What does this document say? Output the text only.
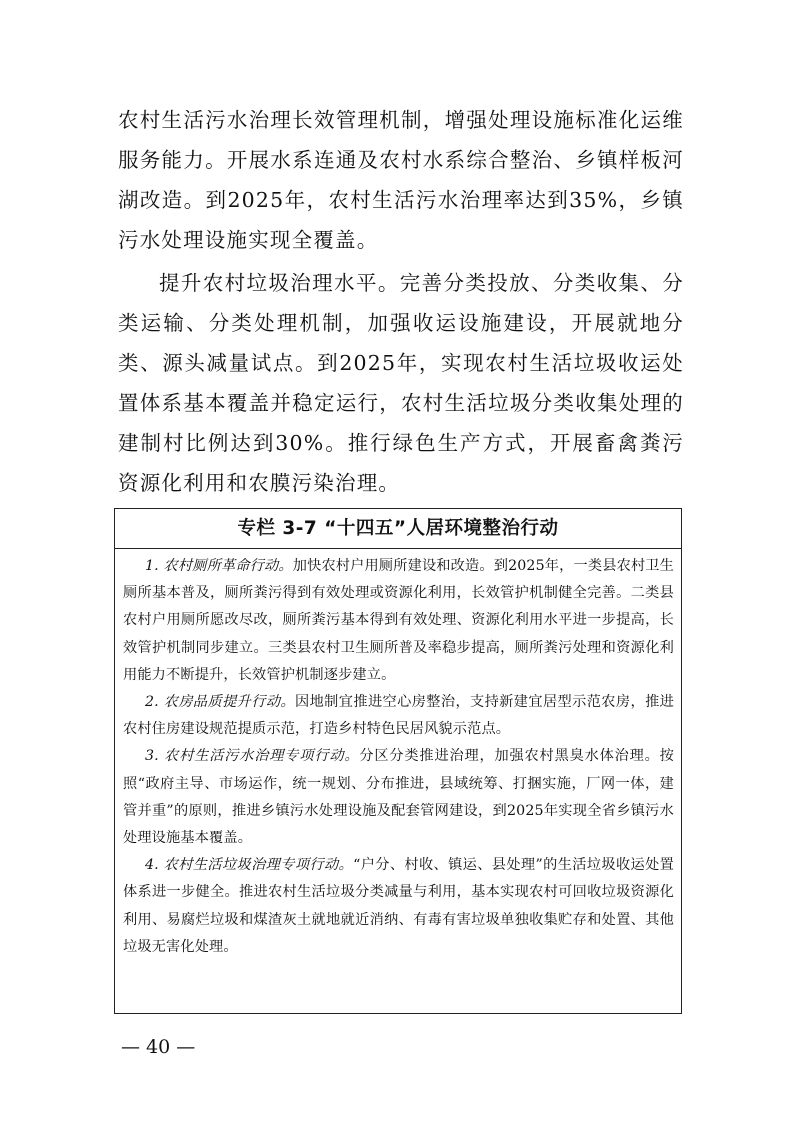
农村生活污水治理长效管理机制，增强处理设施标准化运维服务能力。开展水系连通及农村水系综合整治、乡镇样板河湖改造。到2025年，农村生活污水治理率达到35%，乡镇污水处理设施实现全覆盖。

提升农村垃圾治理水平。完善分类投放、分类收集、分类运输、分类处理机制，加强收运设施建设，开展就地分类、源头减量试点。到2025年，实现农村生活垃圾收运处置体系基本覆盖并稳定运行，农村生活垃圾分类收集处理的建制村比例达到30%。推行绿色生产方式，开展畜禽粪污资源化利用和农膜污染治理。

专栏 3-7 “十四五”人居环境整治行动

1. 农村厕所革命行动。加快农村户用厕所建设和改造。到2025年，一类县农村卫生厕所基本普及，厕所粪污得到有效处理或资源化利用，长效管护机制健全完善。二类县农村户用厕所愿改尽改，厕所粪污基本得到有效处理、资源化利用水平进一步提高，长效管护机制同步建立。三类县农村卫生厕所普及率稳步提高，厕所粪污处理和资源化利用能力不断提升，长效管护机制逐步建立。

2. 农房品质提升行动。因地制宜推进空心房整治，支持新建宜居型示范农房，推进农村住房建设规范提质示范，打造乡村特色民居风貌示范点。

3. 农村生活污水治理专项行动。分区分类推进治理，加强农村黑臭水体治理。按照“政府主导、市场运作，统一规划、分布推进，县域统筹、打捆实施，厂网一体，建管并重”的原则，推进乡镇污水处理设施及配套管网建设，到2025年实现全省乡镇污水处理设施基本覆盖。

4. 农村生活垃圾治理专项行动。“户分、村收、镇运、县处理”的生活垃圾收运处置体系进一步健全。推进农村生活垃圾分类减量与利用，基本实现农村可回收垃圾资源化利用、易腐烂垃圾和煤渣灰土就地就近消纳、有毒有害垃圾单独收集贮存和处置、其他垃圾无害化处理。

— 40 —
